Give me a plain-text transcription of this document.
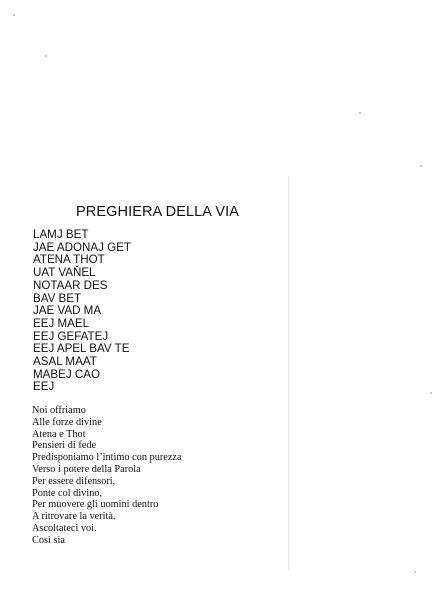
PREGHIERA DELLA VIA
LAMJ BET
JAE ADONAJ GET
ATENA THOT
UAT VAŇEL
NOTAAR DES
BAV BET
JAE VAD MA
EEJ MAEL
EEJ GEFATEJ
EEJ APEL BAV TE
ASAL MAAT
MABEJ CAO
EEJ
Noi offriamo
Alle forze divine
Atena e Thot
Pensieri di fede
Predisponiamo l’intimo con purezza
Verso i potere della Parola
Per essere difensori,
Ponte col divino,
Per muovere gli uomini dentro
A ritrovare la verità.
Ascoltateci voi.
Così sia
